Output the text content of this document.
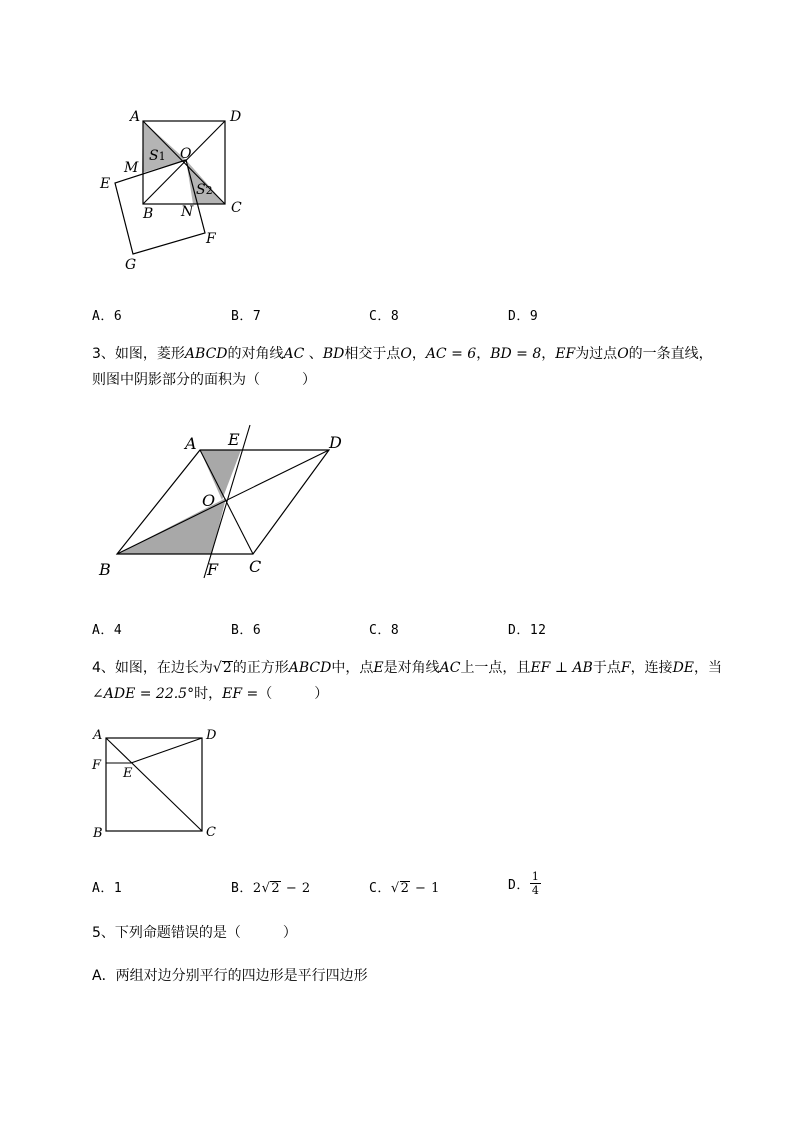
A	D
O
S1
S2
M
E
B N	C
F
G
A．6	B．7	C．8	D．9
3、如图，菱形ABCD的对角线AC 、BD相交于点O，AC = 6，BD = 8，EF为过点O的一条直线，
则图中阴影部分的面积为（　　　）
A E	D
O
B	F C
A．4	B．6	C．8	D．12
4、如图，在边长为√2的正方形ABCD中，点E是对角线AC上一点，且EF ⊥ AB于点F，连接DE，当
∠ADE = 22.5°时，EF =（　　　）
A	D
F
E
B	C
A．1	B．2√2 − 2	C．√2 − 1	D． $\frac{1}{4}$
5、下列命题错误的是（　　　）
A．两组对边分别平行的四边形是平行四边形
